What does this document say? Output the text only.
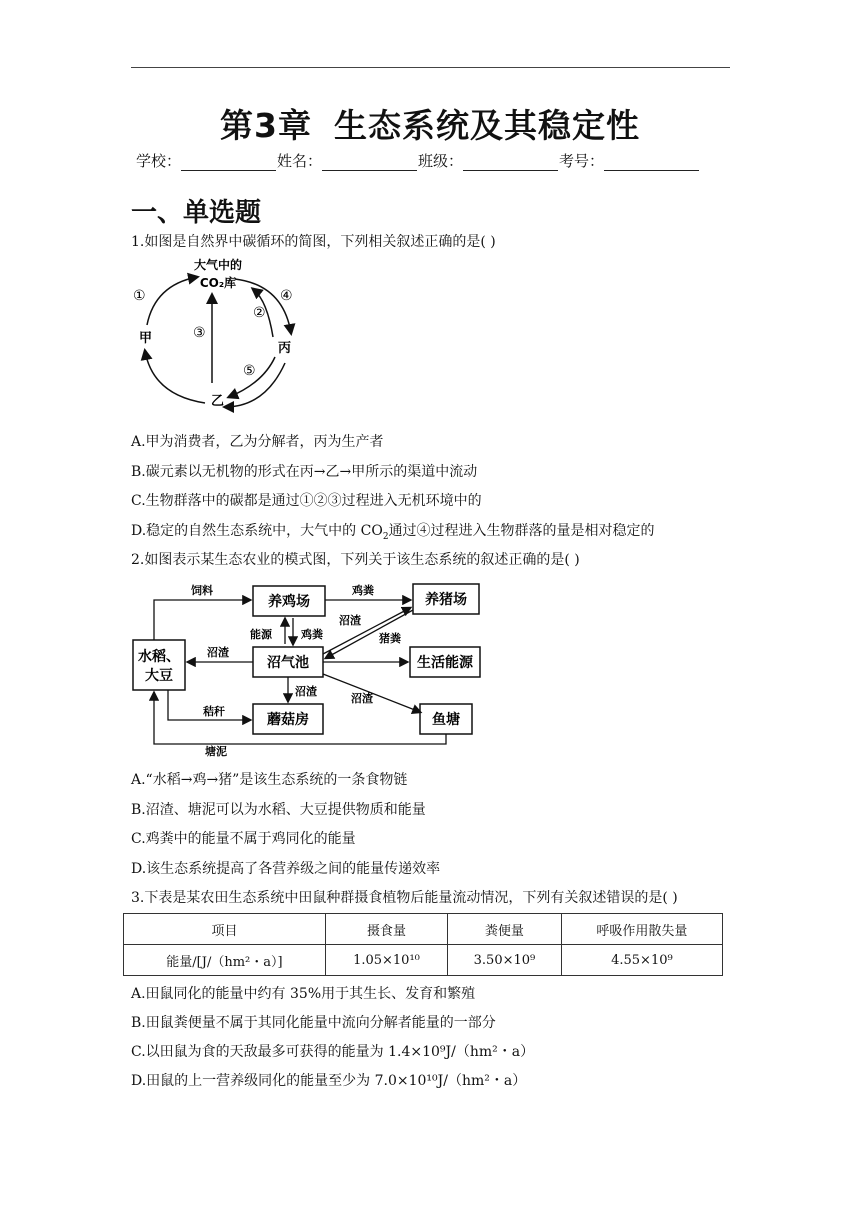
第3章 生态系统及其稳定性
学校：	姓名：	班级：	考号：
一、单选题
1.如图是自然界中碳循环的简图，下列相关叙述正确的是( )
大气中的
CO₂库
甲
乙
丙
①	④
②
③
⑤
A.甲为消费者，乙为分解者，丙为生产者
B.碳元素以无机物的形式在丙→乙→甲所示的渠道中流动
C.生物群落中的碳都是通过①②③过程进入无机环境中的
D.稳定的自然生态系统中，大气中的 $CO_2$通过④过程进入生物群落的量是相对稳定的
2.如图表示某生态农业的模式图，下列关于该生态系统的叙述正确的是( )
养鸡场	养猪场
水稻、
大豆
沼气池	生活能源
蘑菇房	鱼塘
饲料	鸡粪
能源	鸡粪
沼渣
猪粪
沼渣
沼渣
沼渣
秸秆
塘泥
A.“水稻→鸡→猪”是该生态系统的一条食物链
B.沼渣、塘泥可以为水稻、大豆提供物质和能量
C.鸡粪中的能量不属于鸡同化的能量
D.该生态系统提高了各营养级之间的能量传递效率
3.下表是某农田生态系统中田鼠种群摄食植物后能量流动情况，下列有关叙述错误的是( )
项目	摄食量	粪便量	呼吸作用散失量
能量/[J/（hm²・a）]	1.05×10¹⁰	3.50×10⁹	4.55×10⁹
A.田鼠同化的能量中约有 35%用于其生长、发育和繁殖
B.田鼠粪便量不属于其同化能量中流向分解者能量的一部分
C.以田鼠为食的天敌最多可获得的能量为 1.4×10⁹J/（hm²・a）
D.田鼠的上一营养级同化的能量至少为 7.0×10¹⁰J/（hm²・a）
